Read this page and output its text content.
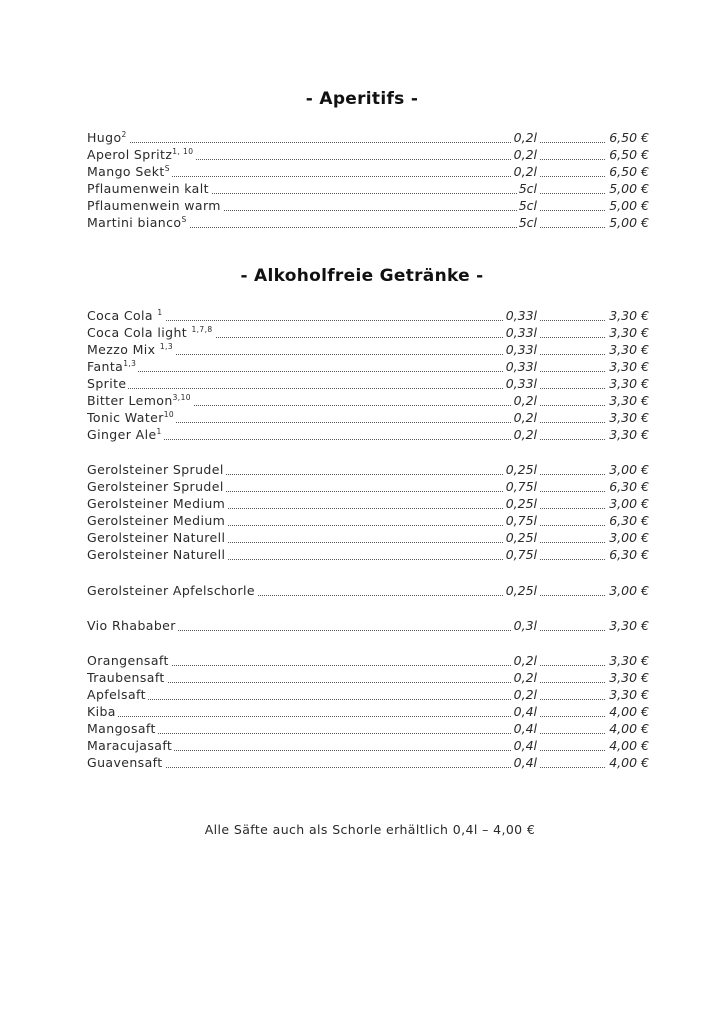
- Aperitifs -
Hugo$^2$	0,2l	6,50 €
Aperol Spritz$^{1, 10}$	0,2l	6,50 €
Mango Sekt$^S$	0,2l	6,50 €
Pflaumenwein kalt	5cl	5,00 €
Pflaumenwein warm	5cl	5,00 €
Martini bianco$^S$	5cl	5,00 €
- Alkoholfreie Getränke -
Coca Cola $^1$	0,33l	3,30 €
Coca Cola light $^{1,7,8}$	0,33l	3,30 €
Mezzo Mix $^{1,3}$	0,33l	3,30 €
Fanta$^{1,3}$	0,33l	3,30 €
Sprite	0,33l	3,30 €
Bitter Lemon$^{3,10}$	0,2l	3,30 €
Tonic Water$^{10}$	0,2l	3,30 €
Ginger Ale$^1$	0,2l	3,30 €
Gerolsteiner Sprudel	0,25l	3,00 €
Gerolsteiner Sprudel	0,75l	6,30 €
Gerolsteiner Medium	0,25l	3,00 €
Gerolsteiner Medium	0,75l	6,30 €
Gerolsteiner Naturell	0,25l	3,00 €
Gerolsteiner Naturell	0,75l	6,30 €
Gerolsteiner Apfelschorle	0,25l	3,00 €
Vio Rhababer	0,3l	3,30 €
Orangensaft	0,2l	3,30 €
Traubensaft	0,2l	3,30 €
Apfelsaft	0,2l	3,30 €
Kiba	0,4l	4,00 €
Mangosaft	0,4l	4,00 €
Maracujasaft	0,4l	4,00 €
Guavensaft	0,4l	4,00 €
Alle Säfte auch als Schorle erhältlich 0,4l – 4,00 €
